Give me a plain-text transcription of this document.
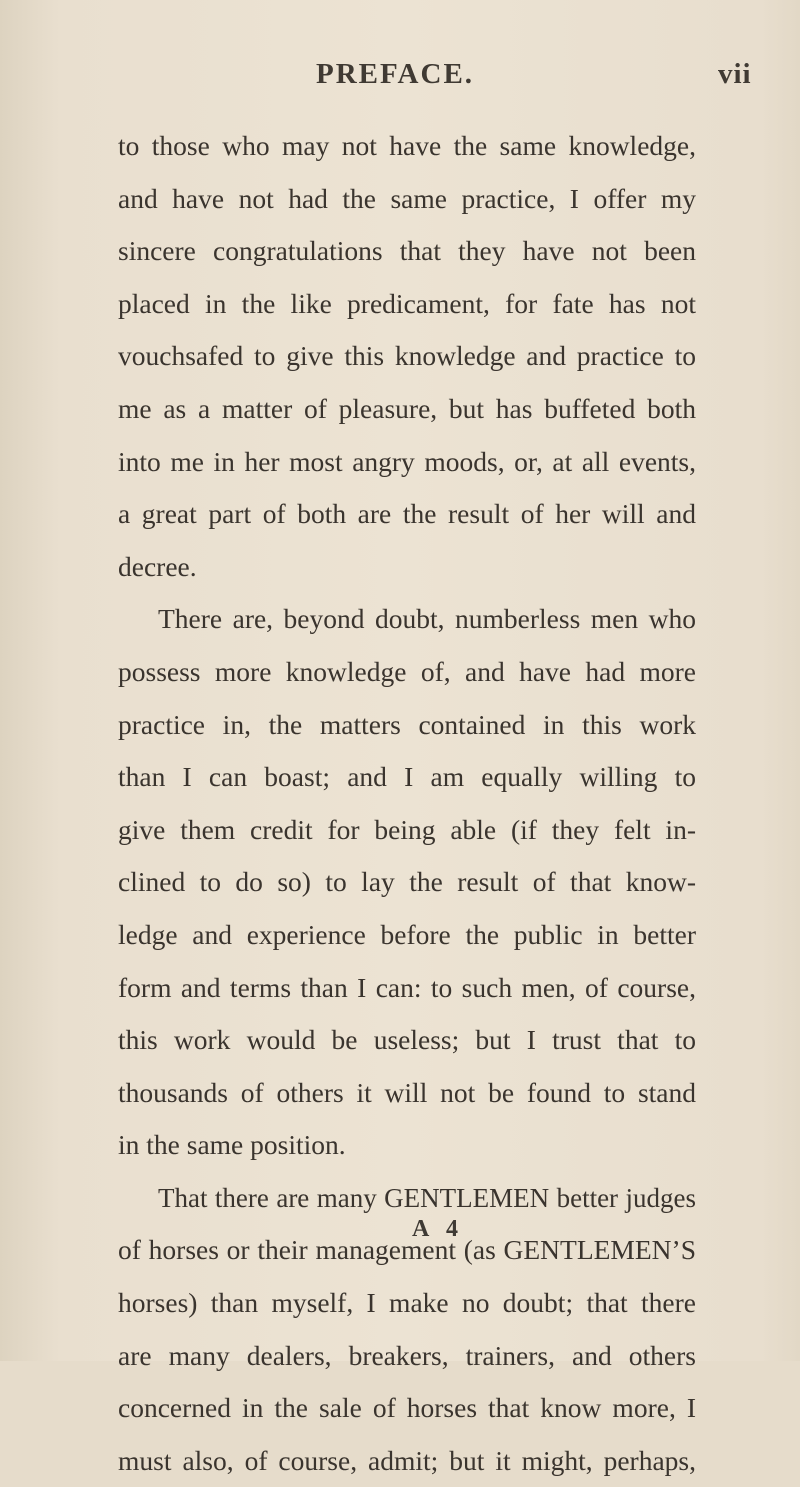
PREFACE.	vii
to those who may not have the same knowledge,
and have not had the same practice, I offer my
sincere congratulations that they have not been
placed in the like predicament, for fate has not
vouchsafed to give this knowledge and practice to
me as a matter of pleasure, but has buffeted both
into me in her most angry moods, or, at all events,
a great part of both are the result of her will and
decree.
There are, beyond doubt, numberless men who
possess more knowledge of, and have had more
practice in, the matters contained in this work
than I can boast; and I am equally willing to
give them credit for being able (if they felt in-
clined to do so) to lay the result of that know-
ledge and experience before the public in better
form and terms than I can: to such men, of course,
this work would be useless; but I trust that to
thousands of others it will not be found to stand
in the same position.
That there are many GENTLEMEN better judges
of horses or their management (as GENTLEMEN’S
horses) than myself, I make no doubt; that there
are many dealers, breakers, trainers, and others
concerned in the sale of horses that know more, I
must also, of course, admit; but it might, perhaps,
A 4
